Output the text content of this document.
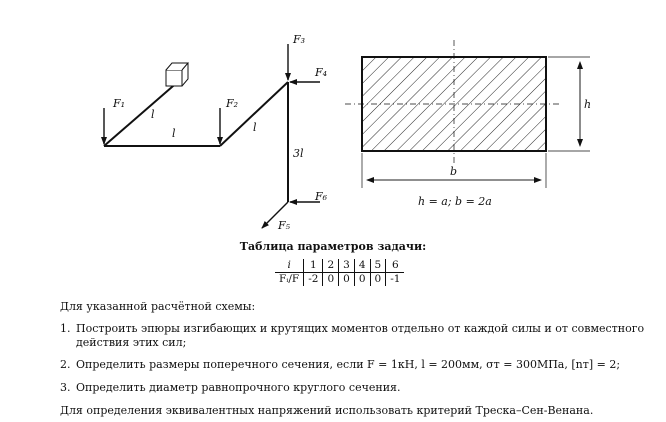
F₁	F₂
F₃
F₄
F₅
F₆
l
l	l
3l
h
b
h = a; b = 2a
Таблица параметров задачи:
i	1	2	3	4	5	6
Fᵢ/F	-2	0	0	0	0	-1
Для указанной расчётной схемы:
1. Построить эпюры изгибающих и крутящих моментов отдельно от каждой силы и от совместного действия этих сил;
2. Определить размеры поперечного сечения, если F = 1кН, l = 200мм, σт = 300МПа, [nт] = 2;
3. Определить диаметр равнопрочного круглого сечения.
Для определения эквивалентных напряжений использовать критерий Треска–Сен-Венана.
